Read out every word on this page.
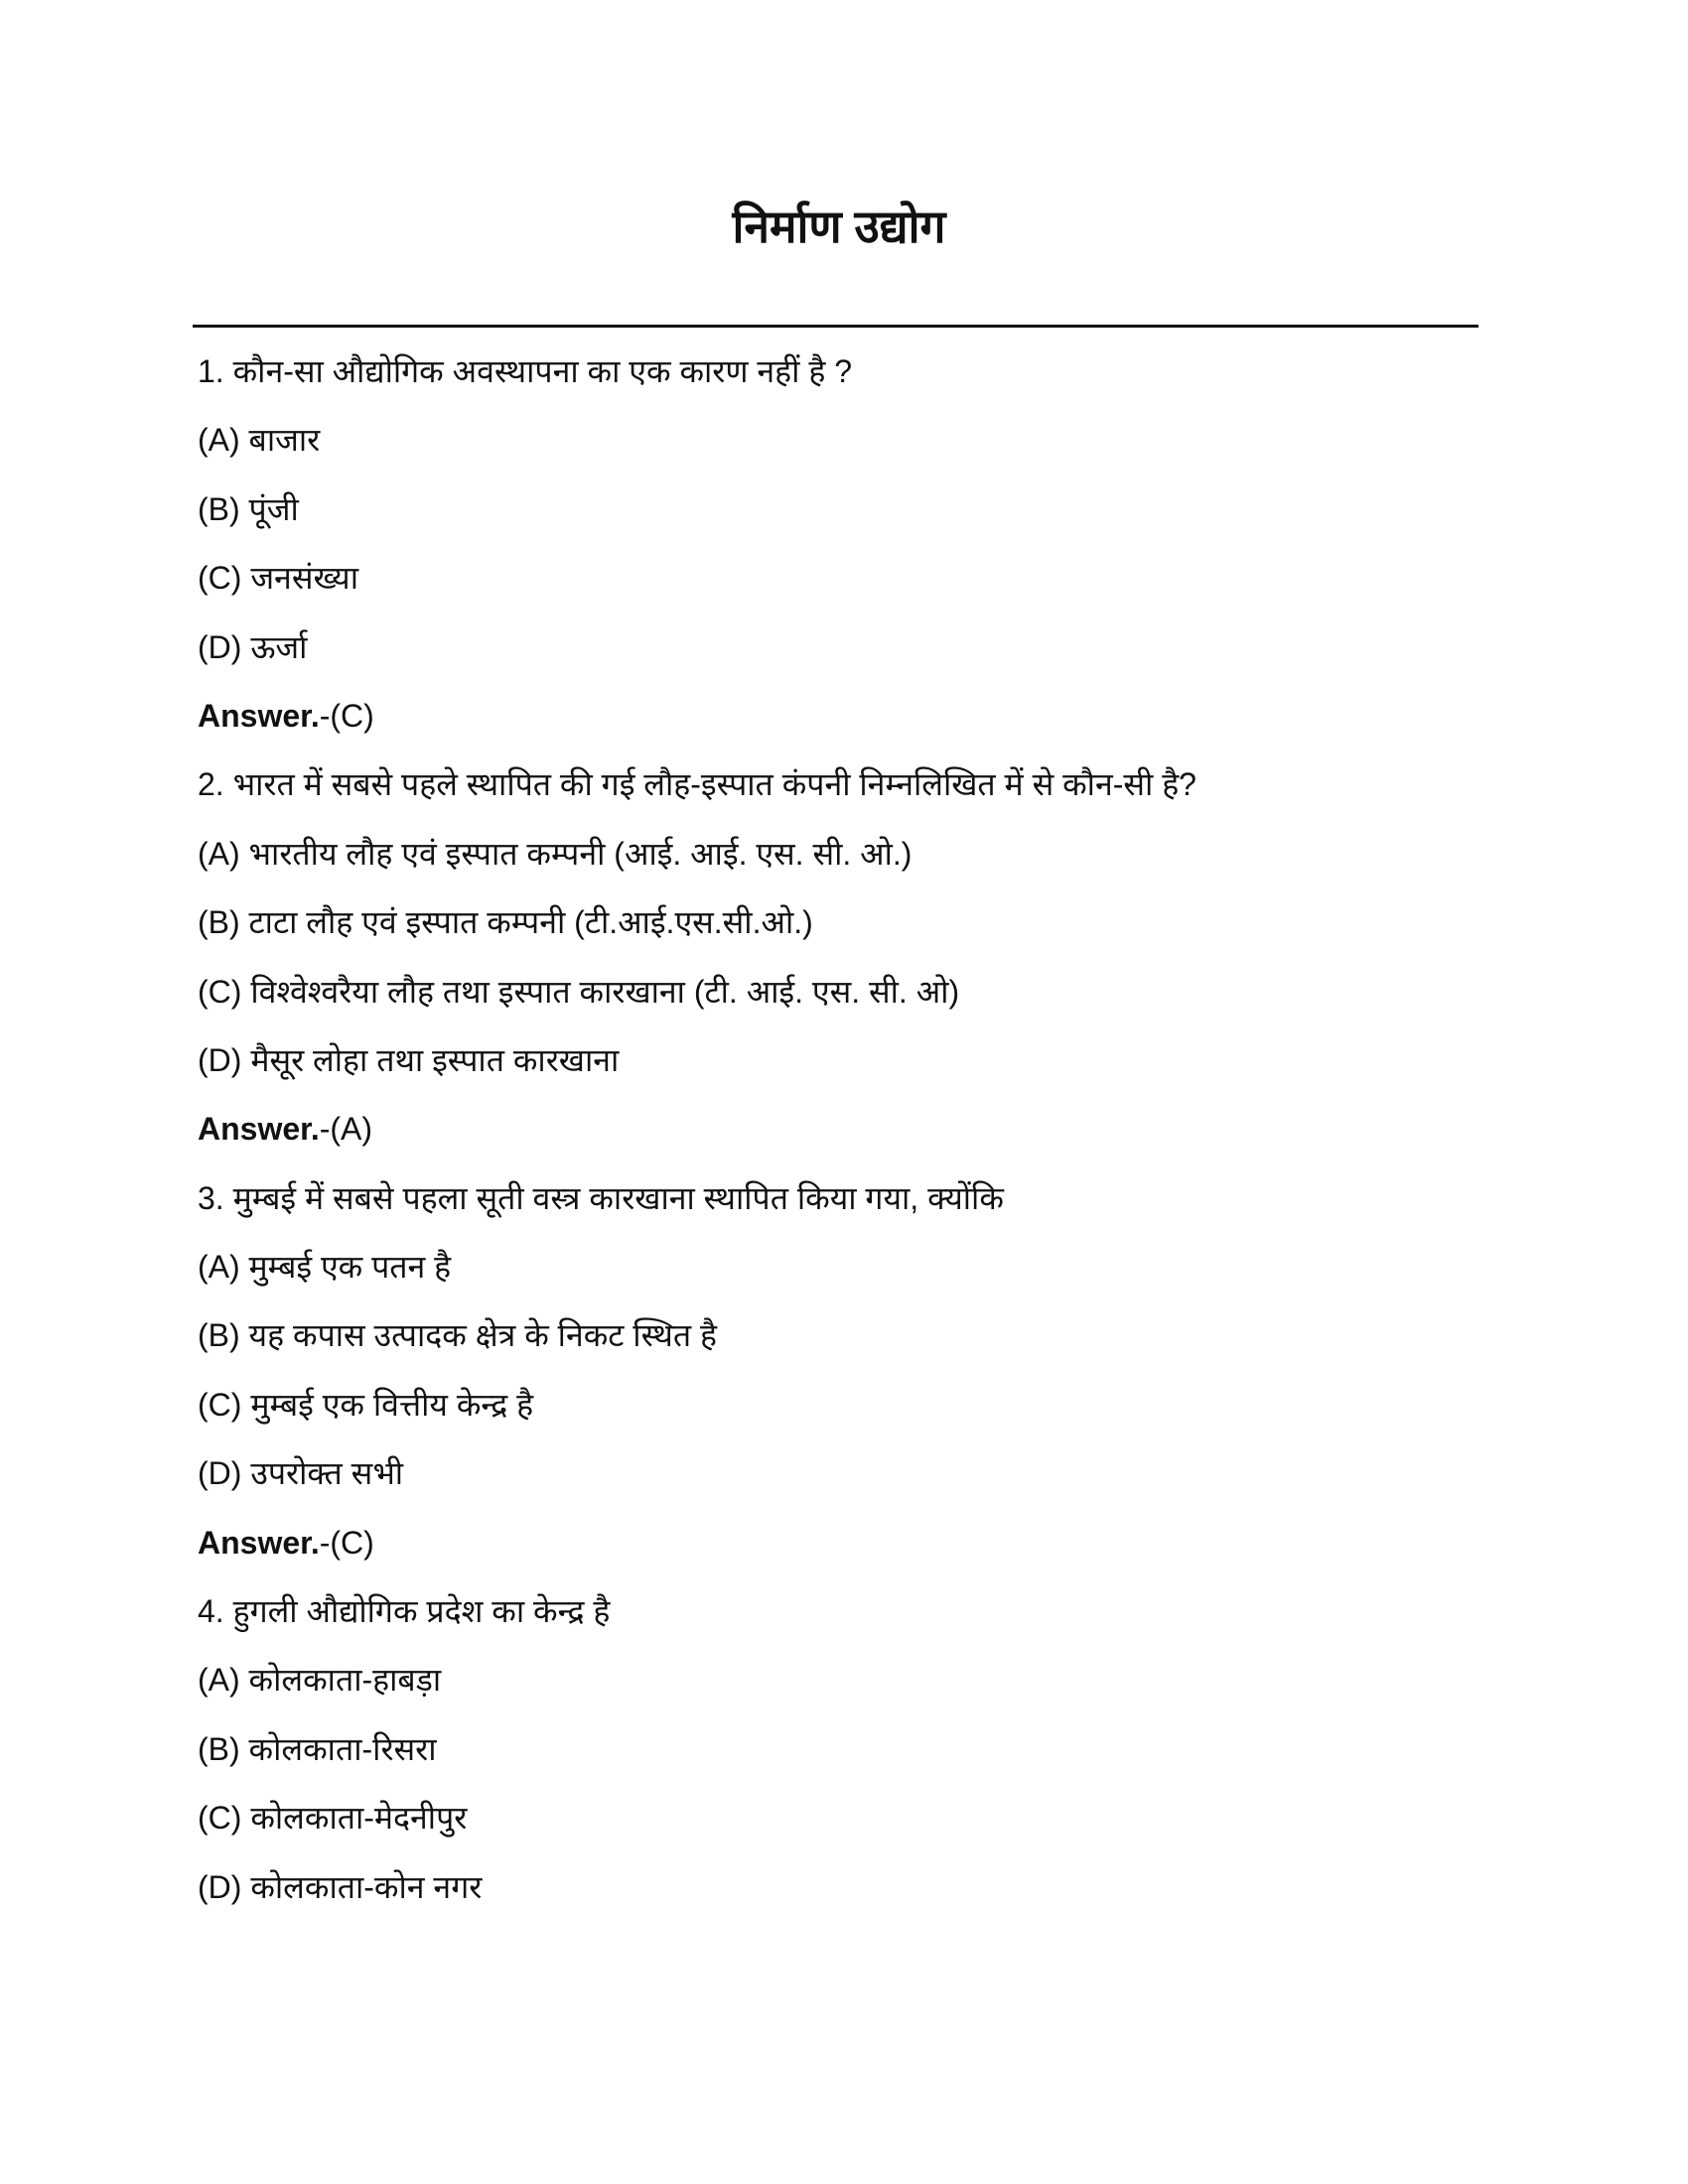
निर्माण उद्योग
1. कौन-सा औद्योगिक अवस्थापना का एक कारण नहीं है ?
(A) बाजार
(B) पूंजी
(C) जनसंख्या
(D) ऊर्जा
Answer.-(C)
2. भारत में सबसे पहले स्थापित की गई लौह-इस्पात कंपनी निम्नलिखित में से कौन-सी है?
(A) भारतीय लौह एवं इस्पात कम्पनी (आई. आई. एस. सी. ओ.)
(B) टाटा लौह एवं इस्पात कम्पनी (टी.आई.एस.सी.ओ.)
(C) विश्वेश्वरैया लौह तथा इस्पात कारखाना (टी. आई. एस. सी. ओ)
(D) मैसूर लोहा तथा इस्पात कारखाना
Answer.-(A)
3. मुम्बई में सबसे पहला सूती वस्त्र कारखाना स्थापित किया गया, क्योंकि
(A) मुम्बई एक पतन है
(B) यह कपास उत्पादक क्षेत्र के निकट स्थित है
(C) मुम्बई एक वित्तीय केन्द्र है
(D) उपरोक्त सभी
Answer.-(C)
4. हुगली औद्योगिक प्रदेश का केन्द्र है
(A) कोलकाता-हाबड़ा
(B) कोलकाता-रिसरा
(C) कोलकाता-मेदनीपुर
(D) कोलकाता-कोन नगर
